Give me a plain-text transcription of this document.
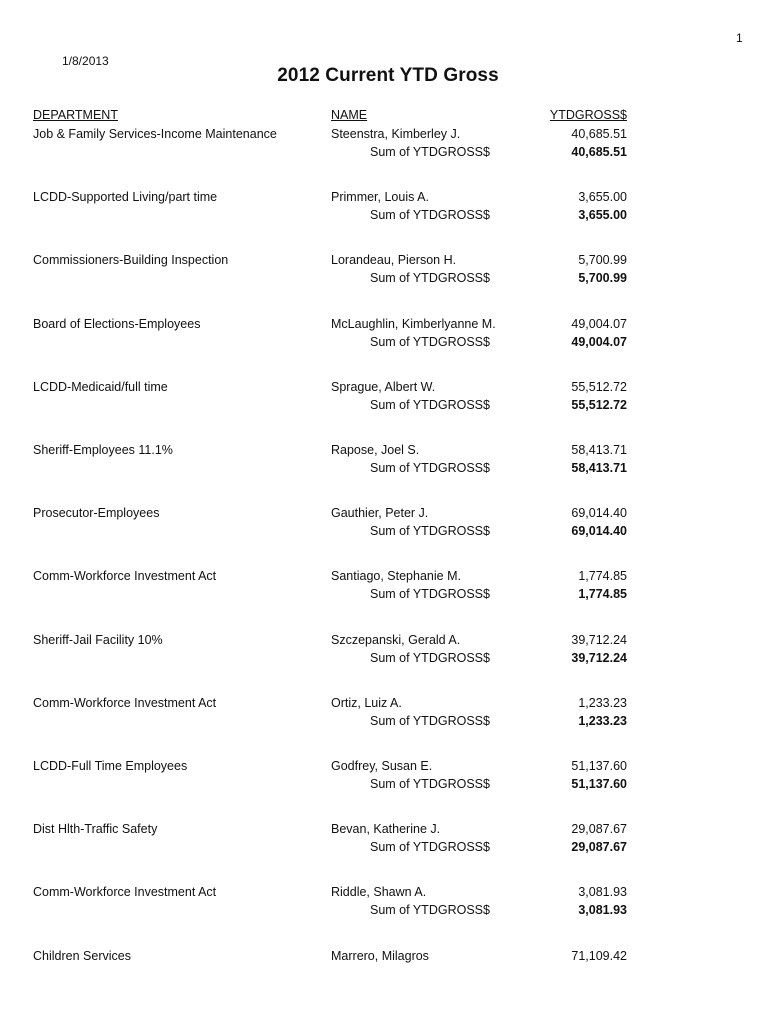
1
1/8/2013
2012 Current YTD Gross
DEPARTMENT	NAME	YTDGROSS$
Job & Family Services-Income Maintenance	Steenstra, Kimberley J.	40,685.51
Sum of YTDGROSS$	40,685.51
LCDD-Supported Living/part time	Primmer, Louis A.	3,655.00
Sum of YTDGROSS$	3,655.00
Commissioners-Building Inspection	Lorandeau, Pierson H.	5,700.99
Sum of YTDGROSS$	5,700.99
Board of Elections-Employees	McLaughlin, Kimberlyanne M.	49,004.07
Sum of YTDGROSS$	49,004.07
LCDD-Medicaid/full time	Sprague, Albert W.	55,512.72
Sum of YTDGROSS$	55,512.72
Sheriff-Employees 11.1%	Rapose, Joel S.	58,413.71
Sum of YTDGROSS$	58,413.71
Prosecutor-Employees	Gauthier, Peter J.	69,014.40
Sum of YTDGROSS$	69,014.40
Comm-Workforce Investment Act	Santiago, Stephanie M.	1,774.85
Sum of YTDGROSS$	1,774.85
Sheriff-Jail Facility 10%	Szczepanski, Gerald A.	39,712.24
Sum of YTDGROSS$	39,712.24
Comm-Workforce Investment Act	Ortiz, Luiz A.	1,233.23
Sum of YTDGROSS$	1,233.23
LCDD-Full Time Employees	Godfrey, Susan E.	51,137.60
Sum of YTDGROSS$	51,137.60
Dist Hlth-Traffic Safety	Bevan, Katherine J.	29,087.67
Sum of YTDGROSS$	29,087.67
Comm-Workforce Investment Act	Riddle, Shawn A.	3,081.93
Sum of YTDGROSS$	3,081.93
Children Services	Marrero, Milagros	71,109.42
